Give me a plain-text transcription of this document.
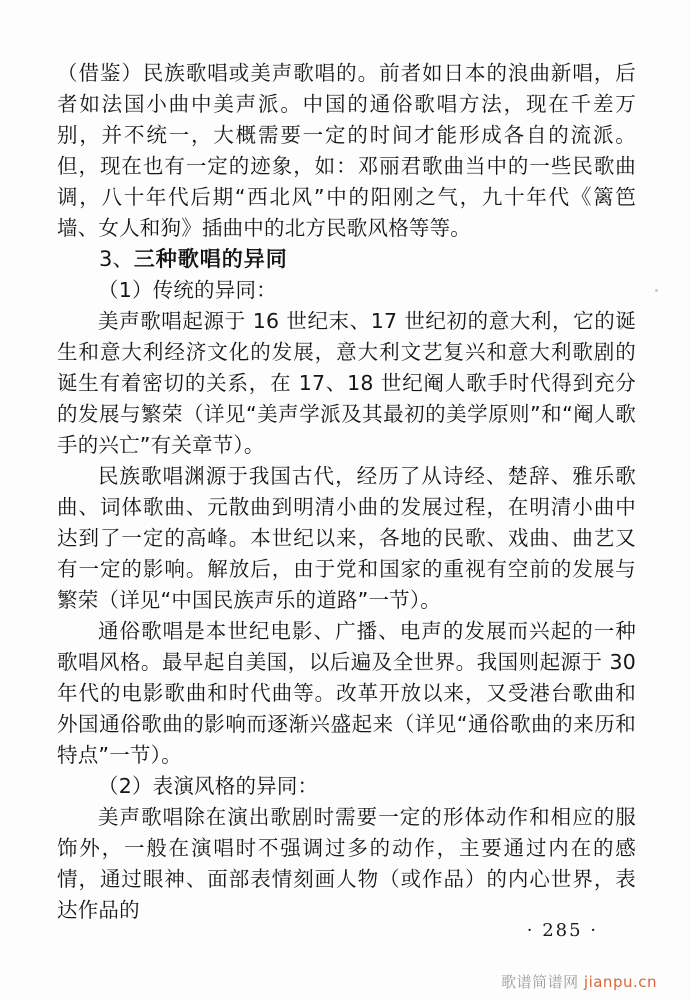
（借鉴）民族歌唱或美声歌唱的。前者如日本的浪曲新唱，后者如法国小曲中美声派。中国的通俗歌唱方法，现在千差万别，并不统一，大概需要一定的时间才能形成各自的流派。但，现在也有一定的迹象，如：邓丽君歌曲当中的一些民歌曲调，八十年代后期“西北风”中的阳刚之气，九十年代《篱笆墙、女人和狗》插曲中的北方民歌风格等等。

3、三种歌唱的异同

（1）传统的异同：

美声歌唱起源于 16 世纪末、17 世纪初的意大利，它的诞生和意大利经济文化的发展，意大利文艺复兴和意大利歌剧的诞生有着密切的关系，在 17、18 世纪阉人歌手时代得到充分的发展与繁荣（详见“美声学派及其最初的美学原则”和“阉人歌手的兴亡”有关章节）。

民族歌唱渊源于我国古代，经历了从诗经、楚辞、雅乐歌曲、词体歌曲、元散曲到明清小曲的发展过程，在明清小曲中达到了一定的高峰。本世纪以来，各地的民歌、戏曲、曲艺又有一定的影响。解放后，由于党和国家的重视有空前的发展与繁荣（详见“中国民族声乐的道路”一节）。

通俗歌唱是本世纪电影、广播、电声的发展而兴起的一种歌唱风格。最早起自美国，以后遍及全世界。我国则起源于 30 年代的电影歌曲和时代曲等。改革开放以来，又受港台歌曲和外国通俗歌曲的影响而逐渐兴盛起来（详见“通俗歌曲的来历和特点”一节）。

（2）表演风格的异同：

美声歌唱除在演出歌剧时需要一定的形体动作和相应的服饰外，一般在演唱时不强调过多的动作，主要通过内在的感情，通过眼神、面部表情刻画人物（或作品）的内心世界，表达作品的

· 285 ·
歌谱简谱网 jianpu.cn
